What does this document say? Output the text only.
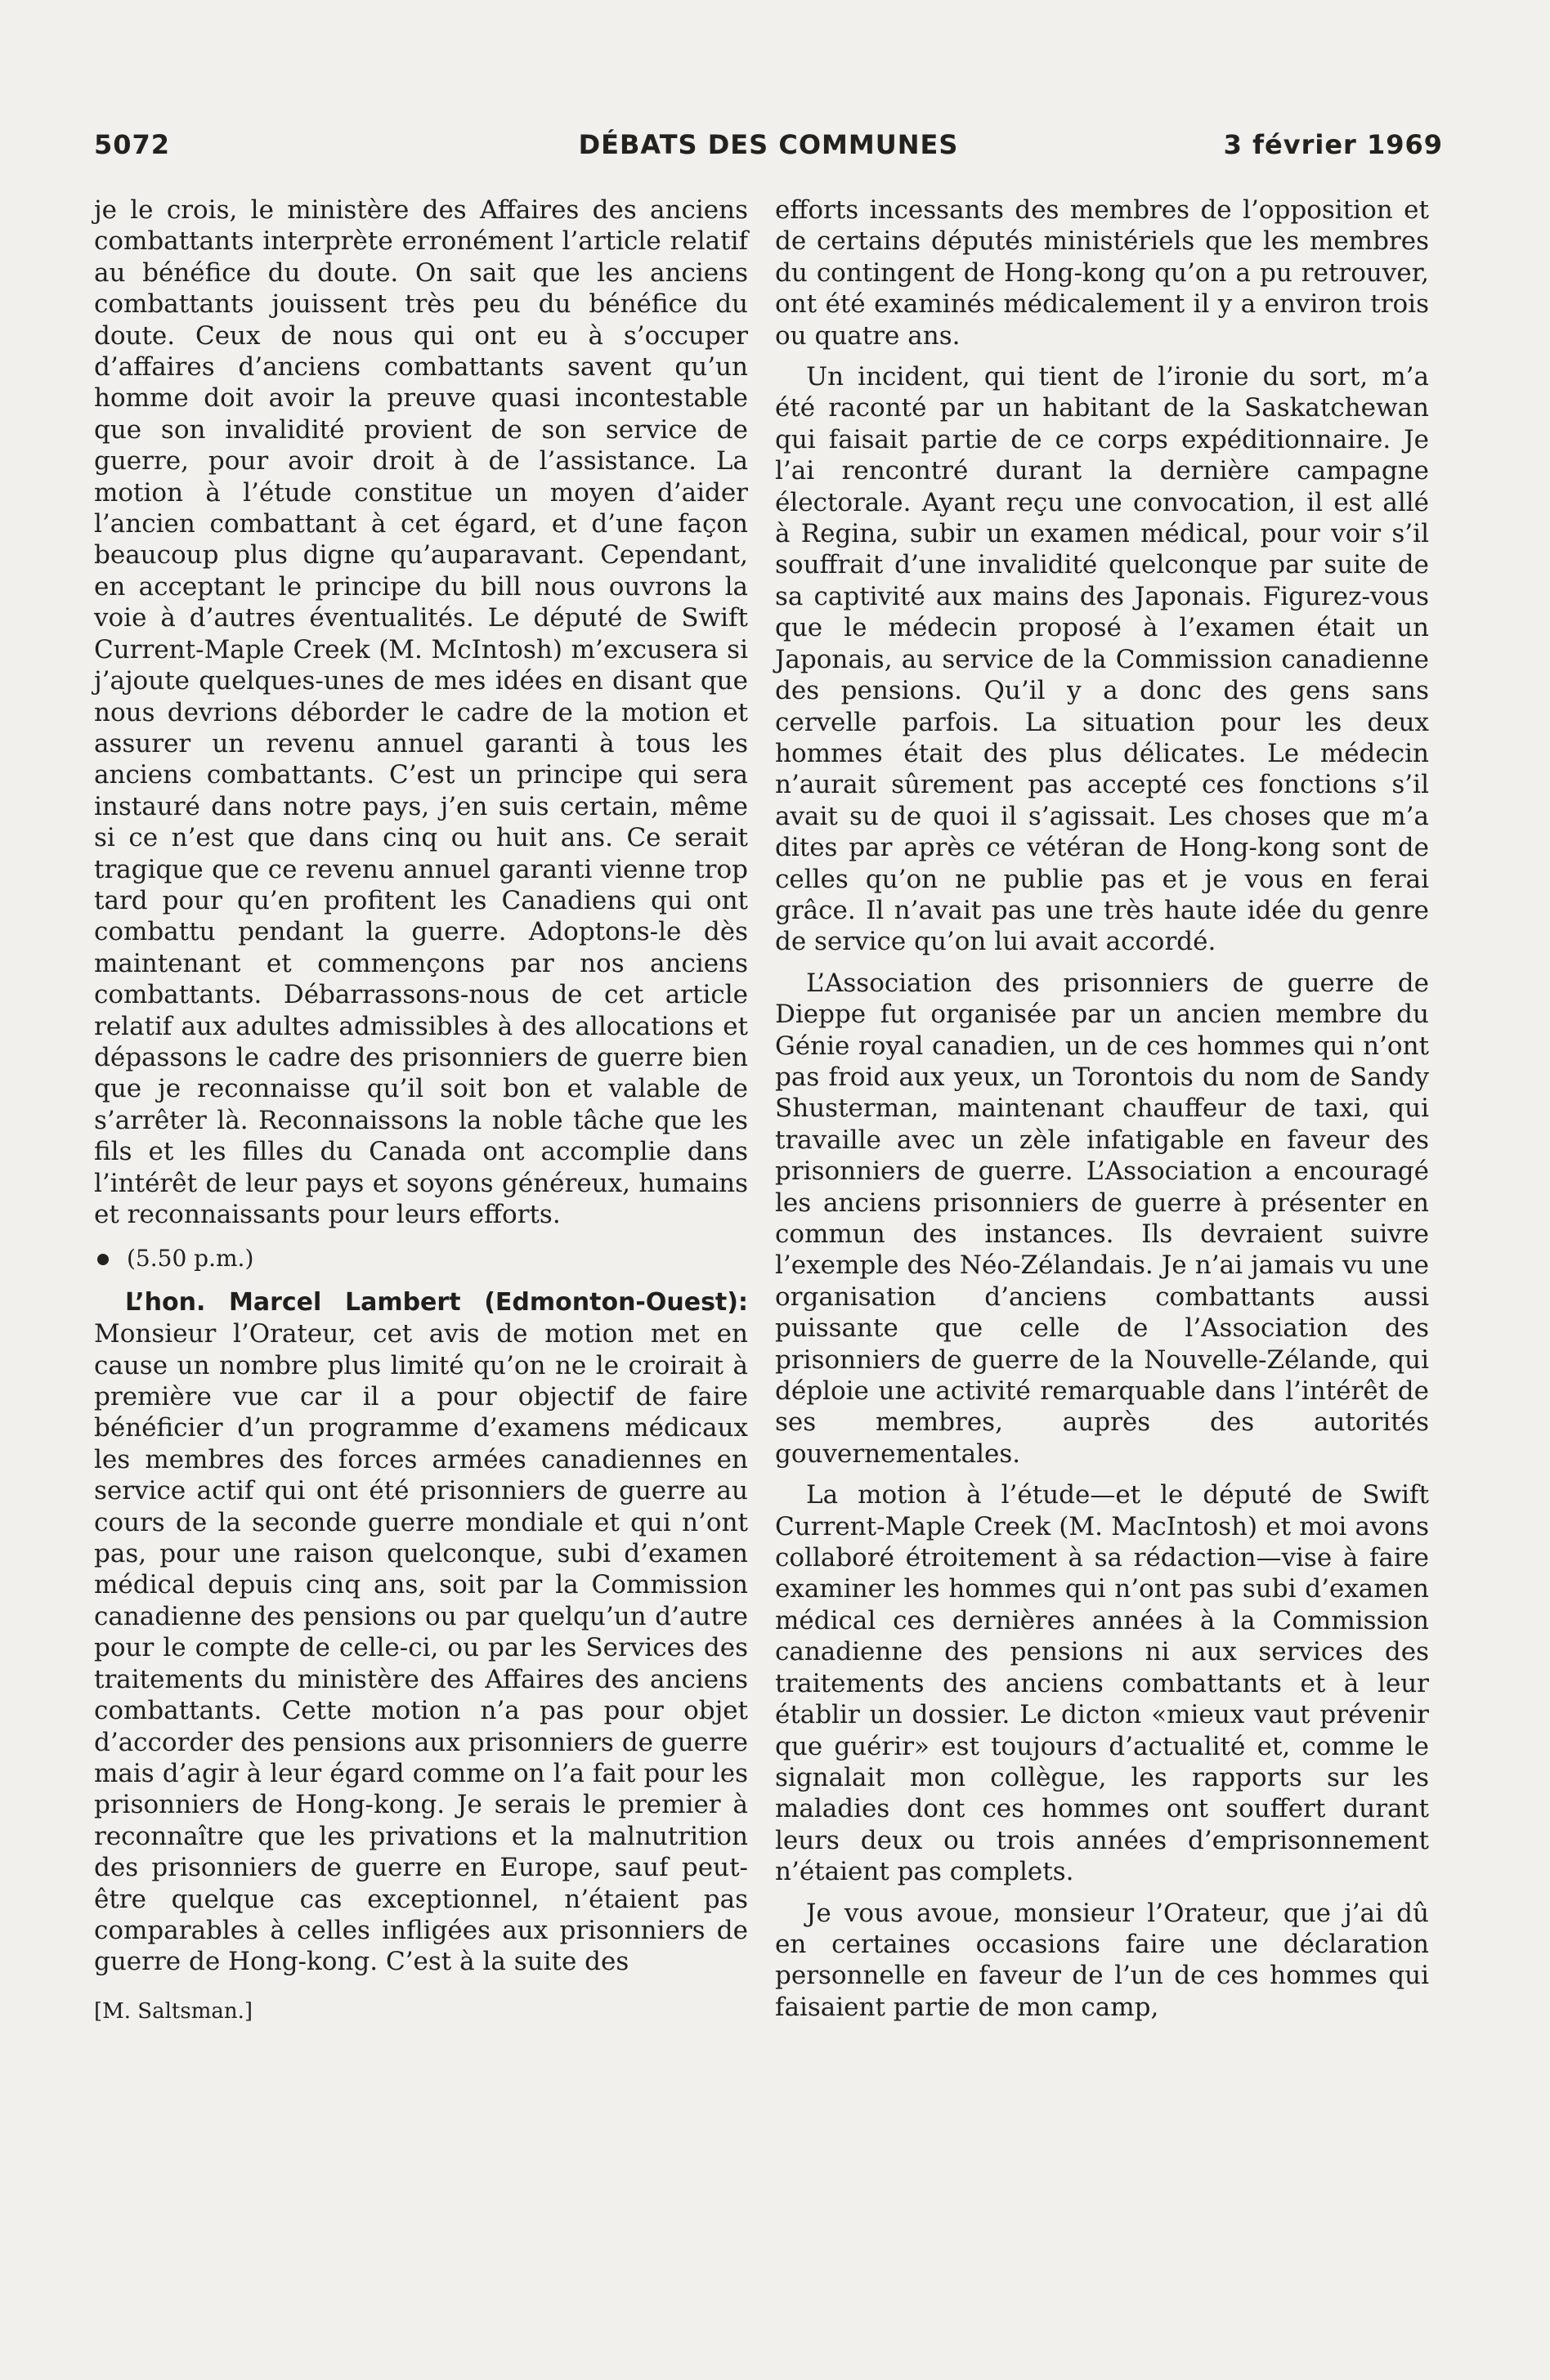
5072	DÉBATS DES COMMUNES	3 février 1969

je le crois, le ministère des Affaires des anciens combattants interprète erronément l’article relatif au bénéfice du doute. On sait que les anciens combattants jouissent très peu du bénéfice du doute. Ceux de nous qui ont eu à s’occuper d’affaires d’anciens combattants savent qu’un homme doit avoir la preuve quasi incontestable que son invalidité provient de son service de guerre, pour avoir droit à de l’assistance. La motion à l’étude constitue un moyen d’aider l’ancien combattant à cet égard, et d’une façon beaucoup plus digne qu’auparavant. Cependant, en acceptant le principe du bill nous ouvrons la voie à d’autres éventualités. Le député de Swift Current-Maple Creek (M. McIntosh) m’excusera si j’ajoute quelques-unes de mes idées en disant que nous devrions déborder le cadre de la motion et assurer un revenu annuel garanti à tous les anciens combattants. C’est un principe qui sera instauré dans notre pays, j’en suis certain, même si ce n’est que dans cinq ou huit ans. Ce serait tragique que ce revenu annuel garanti vienne trop tard pour qu’en profitent les Canadiens qui ont combattu pendant la guerre. Adoptons-le dès maintenant et commençons par nos anciens combattants. Débarrassons-nous de cet article relatif aux adultes admissibles à des allocations et dépassons le cadre des prisonniers de guerre bien que je reconnaisse qu’il soit bon et valable de s’arrêter là. Reconnaissons la noble tâche que les fils et les filles du Canada ont accomplie dans l’intérêt de leur pays et soyons généreux, humains et reconnaissants pour leurs efforts.

(5.50 p.m.)

L’hon. Marcel Lambert (Edmonton-Ouest): Monsieur l’Orateur, cet avis de motion met en cause un nombre plus limité qu’on ne le croirait à première vue car il a pour objectif de faire bénéficier d’un programme d’examens médicaux les membres des forces armées canadiennes en service actif qui ont été prisonniers de guerre au cours de la seconde guerre mondiale et qui n’ont pas, pour une raison quelconque, subi d’examen médical depuis cinq ans, soit par la Commission canadienne des pensions ou par quelqu’un d’autre pour le compte de celle-ci, ou par les Services des traitements du ministère des Affaires des anciens combattants. Cette motion n’a pas pour objet d’accorder des pensions aux prisonniers de guerre mais d’agir à leur égard comme on l’a fait pour les prisonniers de Hong-kong. Je serais le premier à reconnaître que les privations et la malnutrition des prisonniers de guerre en Europe, sauf peut-être quelque cas exceptionnel, n’étaient pas comparables à celles infligées aux prisonniers de guerre de Hong-kong. C’est à la suite des

[M. Saltsman.]

efforts incessants des membres de l’opposition et de certains députés ministériels que les membres du contingent de Hong-kong qu’on a pu retrouver, ont été examinés médicalement il y a environ trois ou quatre ans.

Un incident, qui tient de l’ironie du sort, m’a été raconté par un habitant de la Saskatchewan qui faisait partie de ce corps expéditionnaire. Je l’ai rencontré durant la dernière campagne électorale. Ayant reçu une convocation, il est allé à Regina, subir un examen médical, pour voir s’il souffrait d’une invalidité quelconque par suite de sa captivité aux mains des Japonais. Figurez-vous que le médecin proposé à l’examen était un Japonais, au service de la Commission canadienne des pensions. Qu’il y a donc des gens sans cervelle parfois. La situation pour les deux hommes était des plus délicates. Le médecin n’aurait sûrement pas accepté ces fonctions s’il avait su de quoi il s’agissait. Les choses que m’a dites par après ce vétéran de Hong-kong sont de celles qu’on ne publie pas et je vous en ferai grâce. Il n’avait pas une très haute idée du genre de service qu’on lui avait accordé.

L’Association des prisonniers de guerre de Dieppe fut organisée par un ancien membre du Génie royal canadien, un de ces hommes qui n’ont pas froid aux yeux, un Torontois du nom de Sandy Shusterman, maintenant chauffeur de taxi, qui travaille avec un zèle infatigable en faveur des prisonniers de guerre. L’Association a encouragé les anciens prisonniers de guerre à présenter en commun des instances. Ils devraient suivre l’exemple des Néo-Zélandais. Je n’ai jamais vu une organisation d’anciens combattants aussi puissante que celle de l’Association des prisonniers de guerre de la Nouvelle-Zélande, qui déploie une activité remarquable dans l’intérêt de ses membres, auprès des autorités gouvernementales.

La motion à l’étude—et le député de Swift Current-Maple Creek (M. MacIntosh) et moi avons collaboré étroitement à sa rédaction—vise à faire examiner les hommes qui n’ont pas subi d’examen médical ces dernières années à la Commission canadienne des pensions ni aux services des traitements des anciens combattants et à leur établir un dossier. Le dicton «mieux vaut prévenir que guérir» est toujours d’actualité et, comme le signalait mon collègue, les rapports sur les maladies dont ces hommes ont souffert durant leurs deux ou trois années d’emprisonnement n’étaient pas complets.

Je vous avoue, monsieur l’Orateur, que j’ai dû en certaines occasions faire une déclaration personnelle en faveur de l’un de ces hommes qui faisaient partie de mon camp,
